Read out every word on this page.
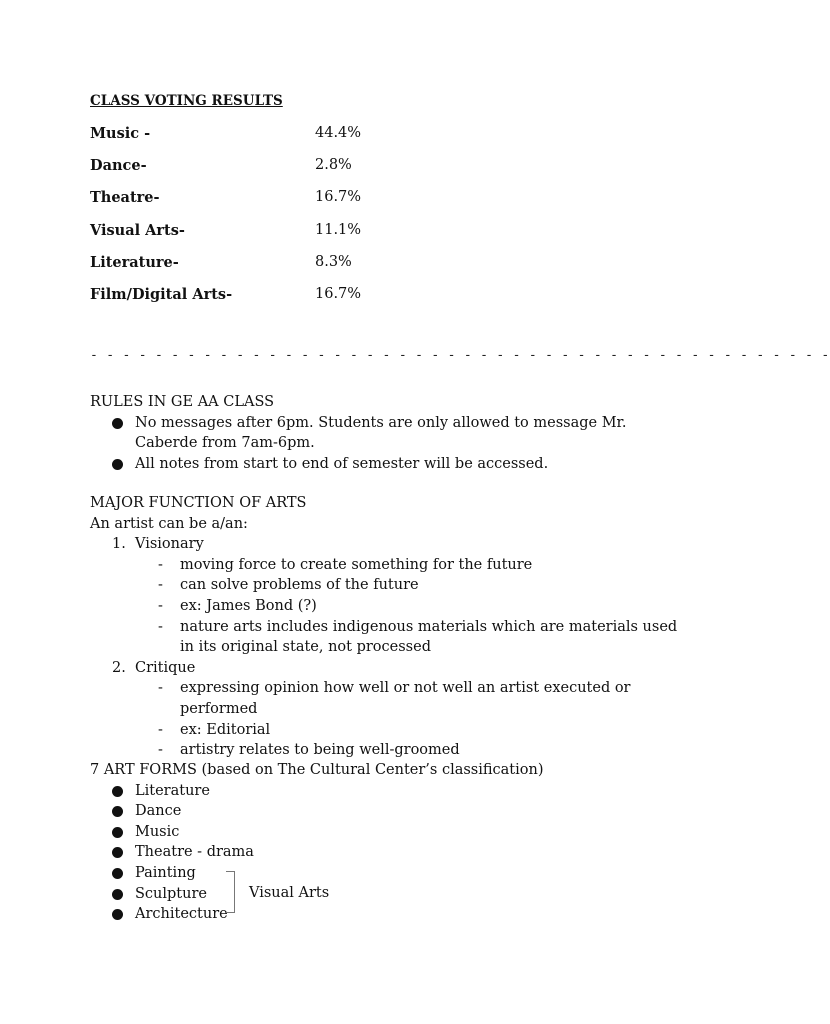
CLASS VOTING RESULTS
Music -	44.4%
Dance-	2.8%
Theatre-	16.7%
Visual Arts-	11.1%
Literature-	8.3%
Film/Digital Arts-	16.7%
- - - - - - - - - - - - - - - - - - - - - - - - - - - - - - - - - - - - - - - - - - - - - -
RULES IN GE AA CLASS
No messages after 6pm. Students are only allowed to message Mr. Caberde from 7am-6pm.
All notes from start to end of semester will be accessed.
MAJOR FUNCTION OF ARTS
An artist can be a/an:
1. Visionary
- moving force to create something for the future
- can solve problems of the future
- ex: James Bond (?)
- nature arts includes indigenous materials which are materials used in its original state, not processed
2. Critique
- expressing opinion how well or not well an artist executed or performed
- ex: Editorial
- artistry relates to being well-groomed
7 ART FORMS (based on The Cultural Center’s classification)
Literature
Dance
Music
Theatre - drama
Painting
Sculpture
Architecture
Visual Arts
